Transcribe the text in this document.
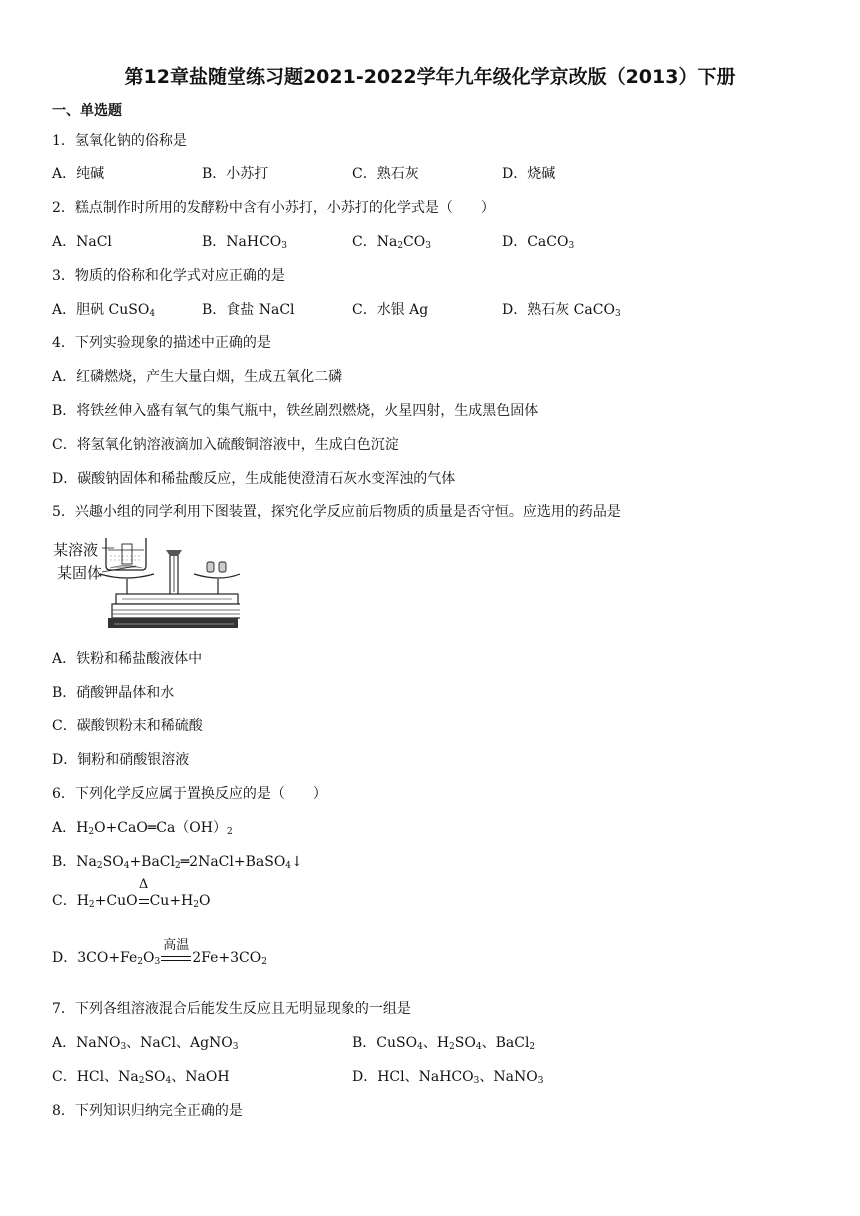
第12章盐随堂练习题2021-2022学年九年级化学京改版（2013）下册
一、单选题
1．氢氧化钠的俗称是
A．纯碱	B．小苏打	C．熟石灰	D．烧碱
2．糕点制作时所用的发酵粉中含有小苏打，小苏打的化学式是（　　）
A．NaCl	B．NaHCO$_3$	C．$Na_2CO_3$	D．CaCO$_3$
3．物质的俗称和化学式对应正确的是
A．胆矾 CuSO$_4$	B．食盐 NaCl	C．水银 Ag	D．熟石灰 CaCO$_3$
4．下列实验现象的描述中正确的是
A．红磷燃烧，产生大量白烟，生成五氧化二磷
B．将铁丝伸入盛有氧气的集气瓶中，铁丝剧烈燃烧，火星四射，生成黑色固体
C．将氢氧化钠溶液滴加入硫酸铜溶液中，生成白色沉淀
D．碳酸钠固体和稀盐酸反应，生成能使澄清石灰水变浑浊的气体
5．兴趣小组的同学利用下图装置，探究化学反应前后物质的质量是否守恒。应选用的药品是
某溶液
某固体
A．铁粉和稀盐酸液体中
B．硝酸钾晶体和水
C．碳酸钡粉末和稀硫酸
D．铜粉和硝酸银溶液
6．下列化学反应属于置换反应的是（　　）
A．$H_2O+CaO═Ca(OH)_2$
B．$Na_2SO_4+BaCl_2═2NaCl+BaSO_4↓$
C．$H_2+CuO$
Δ
$Cu+H_2O$
D．$3CO+Fe_2O_3$
高温
$2Fe+3CO_2$
7．下列各组溶液混合后能发生反应且无明显现象的一组是
A．NaNO$_3$、NaCl、AgNO$_3$	B．CuSO$_4$、$H_2SO_4$、BaCl$_2$
C．HCl、$Na_2SO_4$、NaOH	D．HCl、NaHCO$_3$、NaNO$_3$
8．下列知识归纳完全正确的是
